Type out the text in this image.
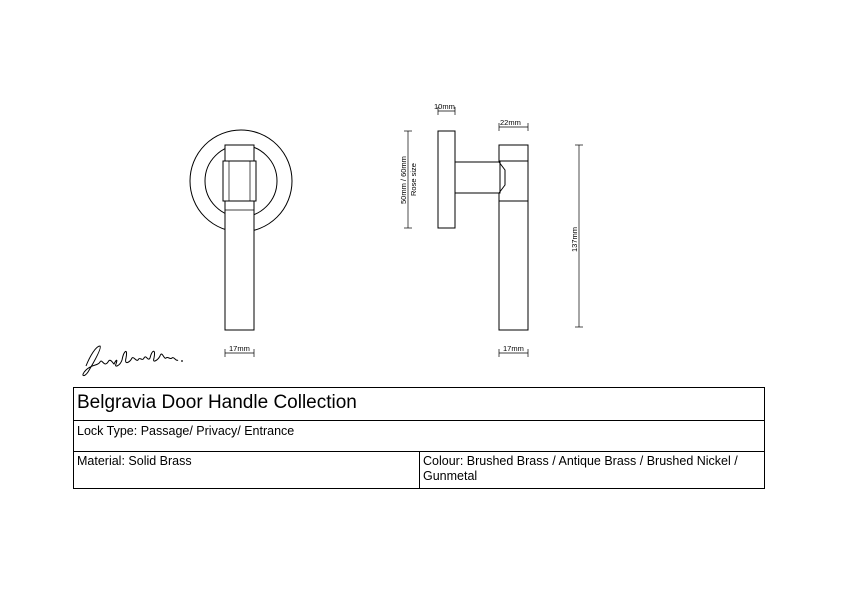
17mm
10mm
22mm
50mm / 60mm Rose size
137mm
17mm
Belgravia Door Handle Collection
Lock Type: Passage/ Privacy/ Entrance
Material: Solid Brass	Colour: Brushed Brass / Antique Brass / Brushed Nickel / Gunmetal
